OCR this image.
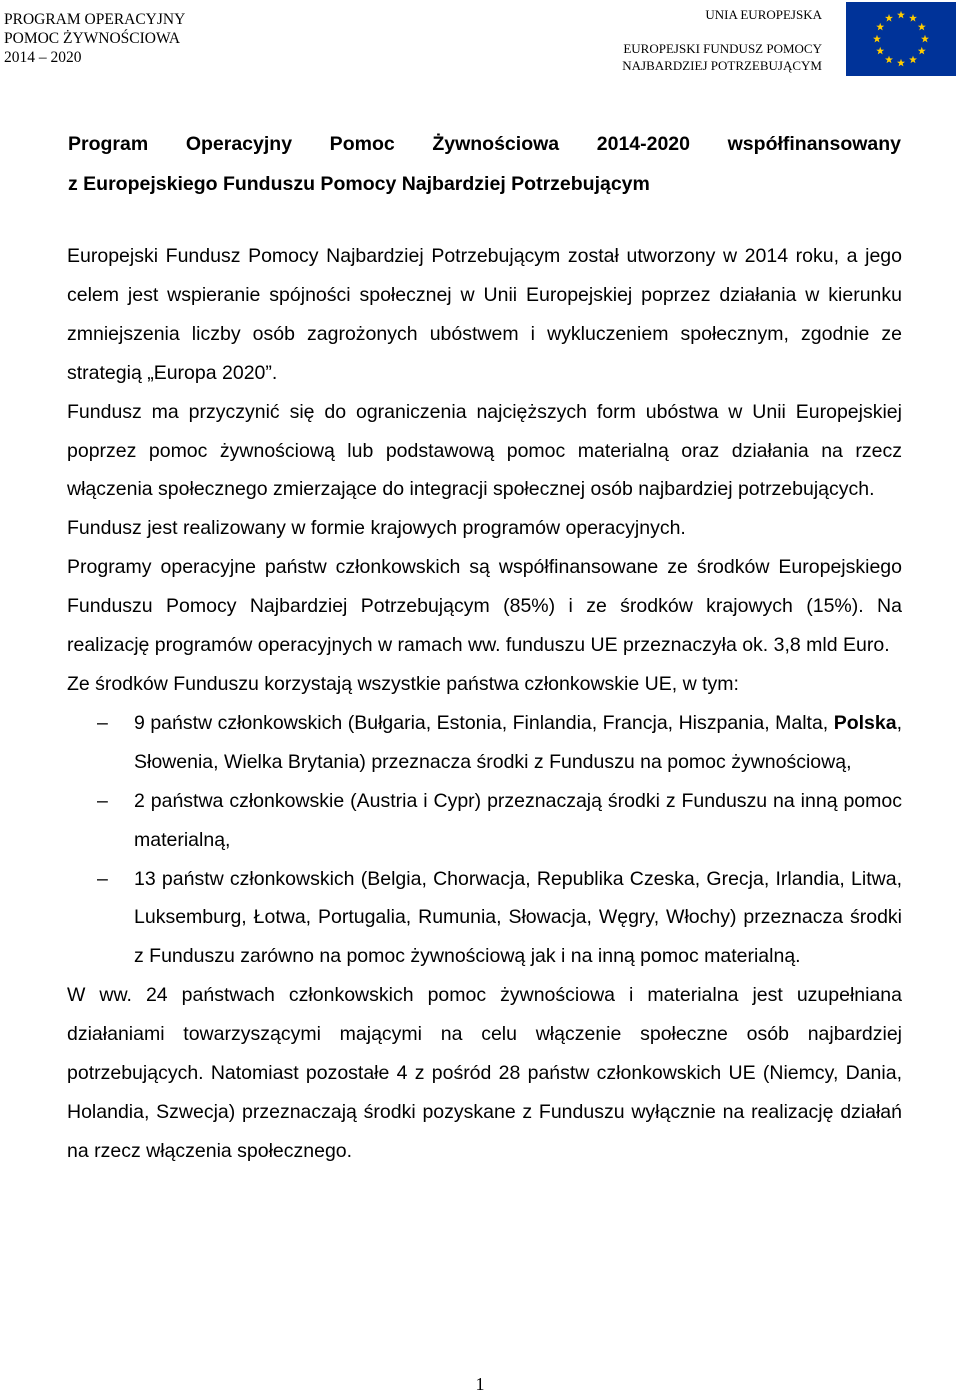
PROGRAM OPERACYJNY
POMOC ŻYWNOŚCIOWA
2014 – 2020
UNIA EUROPEJSKA
EUROPEJSKI FUNDUSZ POMOCY
NAJBARDZIEJ POTRZEBUJĄCYM
Program Operacyjny Pomoc Żywnościowa 2014-2020 współfinansowany
z Europejskiego Funduszu Pomocy Najbardziej Potrzebującym

Europejski Fundusz Pomocy Najbardziej Potrzebującym został utworzony w 2014 roku, a jego celem jest wspieranie spójności społecznej w Unii Europejskiej poprzez działania w kierunku zmniejszenia liczby osób zagrożonych ubóstwem i wykluczeniem społecznym, zgodnie ze strategią „Europa 2020”.

Fundusz ma przyczynić się do ograniczenia najcięższych form ubóstwa w Unii Europejskiej poprzez pomoc żywnościową lub podstawową pomoc materialną oraz działania na rzecz włączenia społecznego zmierzające do integracji społecznej osób najbardziej potrzebujących.

Fundusz jest realizowany w formie krajowych programów operacyjnych.

Programy operacyjne państw członkowskich są współfinansowane ze środków Europejskiego Funduszu Pomocy Najbardziej Potrzebującym (85%) i ze środków krajowych (15%). Na realizację programów operacyjnych w ramach ww. funduszu UE przeznaczyła ok. 3,8 mld Euro.

Ze środków Funduszu korzystają wszystkie państwa członkowskie UE, w tym:

– 9 państw członkowskich (Bułgaria, Estonia, Finlandia, Francja, Hiszpania, Malta, Polska, Słowenia, Wielka Brytania) przeznacza środki z Funduszu na pomoc żywnościową,
– 2 państwa członkowskie (Austria i Cypr) przeznaczają środki z Funduszu na inną pomoc materialną,
– 13 państw członkowskich (Belgia, Chorwacja, Republika Czeska, Grecja, Irlandia, Litwa, Luksemburg, Łotwa, Portugalia, Rumunia, Słowacja, Węgry, Włochy) przeznacza środki z Funduszu zarówno na pomoc żywnościową jak i na inną pomoc materialną.

W ww. 24 państwach członkowskich pomoc żywnościowa i materialna jest uzupełniana działaniami towarzyszącymi mającymi na celu włączenie społeczne osób najbardziej potrzebujących. Natomiast pozostałe 4 z pośród 28 państw członkowskich UE (Niemcy, Dania, Holandia, Szwecja) przeznaczają środki pozyskane z Funduszu wyłącznie na realizację działań na rzecz włączenia społecznego.

1
